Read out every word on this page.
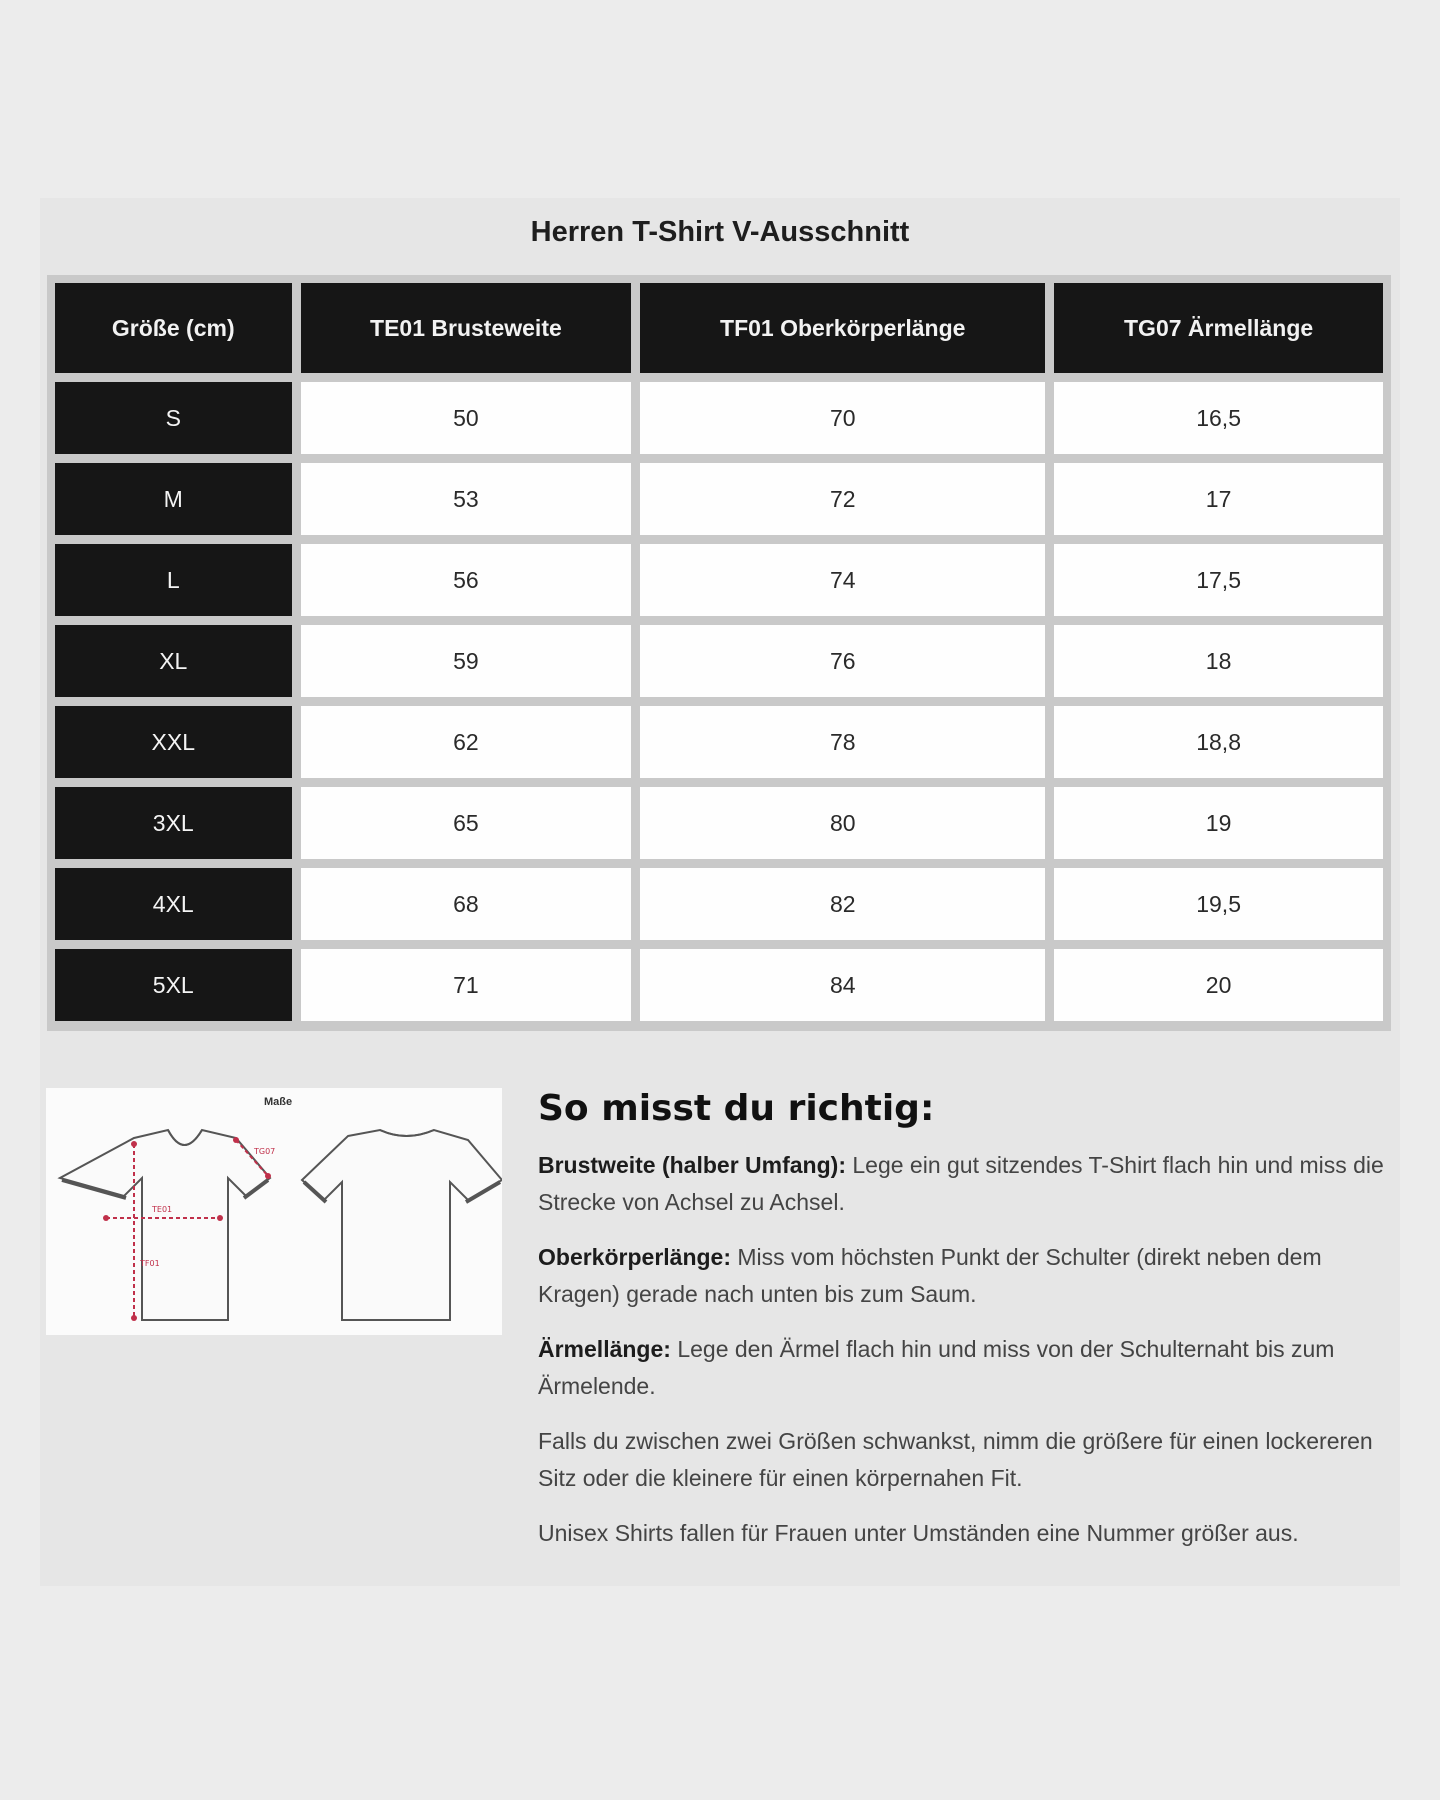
Herren T-Shirt V-Ausschnitt
Größe (cm)	TE01 Brusteweite	TF01 Oberkörperlänge	TG07 Ärmellänge
S	50	70	16,5
M	53	72	17
L	56	74	17,5
XL	59	76	18
XXL	62	78	18,8
3XL	65	80	19
4XL	68	82	19,5
5XL	71	84	20
Maße
TE01
TF01
TG07
So misst du richtig:

Brustweite (halber Umfang): Lege ein gut sitzendes T-Shirt flach hin und miss die Strecke von Achsel zu Achsel.

Oberkörperlänge: Miss vom höchsten Punkt der Schulter (direkt neben dem Kragen) gerade nach unten bis zum Saum.

Ärmellänge: Lege den Ärmel flach hin und miss von der Schulternaht bis zum Ärmelende.

Falls du zwischen zwei Größen schwankst, nimm die größere für einen lockereren Sitz oder die kleinere für einen körpernahen Fit.

Unisex Shirts fallen für Frauen unter Umständen eine Nummer größer aus.
